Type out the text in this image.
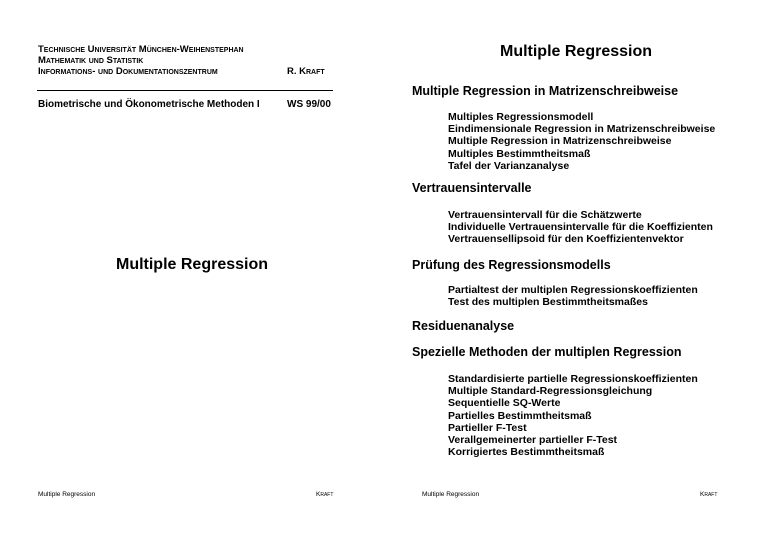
Technische Universität München-Weihenstephan
Mathematik und Statistik
Informations- und Dokumentationszentrum	R. Kraft
Biometrische und Ökonometrische Methoden I	WS 99/00
Multiple Regression
Multiple Regression	Kraft
Multiple Regression
Multiple Regression in Matrizenschreibweise
Multiples Regressionsmodell
Eindimensionale Regression in Matrizenschreibweise
Multiple Regression in Matrizenschreibweise
Multiples Bestimmtheitsmaß
Tafel der Varianzanalyse
Vertrauensintervalle
Vertrauensintervall für die Schätzwerte
Individuelle Vertrauensintervalle für die Koeffizienten
Vertrauensellipsoid für den Koeffizientenvektor
Prüfung des Regressionsmodells
Partialtest der multiplen Regressionskoeffizienten
Test des multiplen Bestimmtheitsmaßes
Residuenanalyse
Spezielle Methoden der multiplen Regression
Standardisierte partielle Regressionskoeffizienten
Multiple Standard-Regressionsgleichung
Sequentielle SQ-Werte
Partielles Bestimmtheitsmaß
Partieller F-Test
Verallgemeinerter partieller F-Test
Korrigiertes Bestimmtheitsmaß
Multiple Regression	Kraft
